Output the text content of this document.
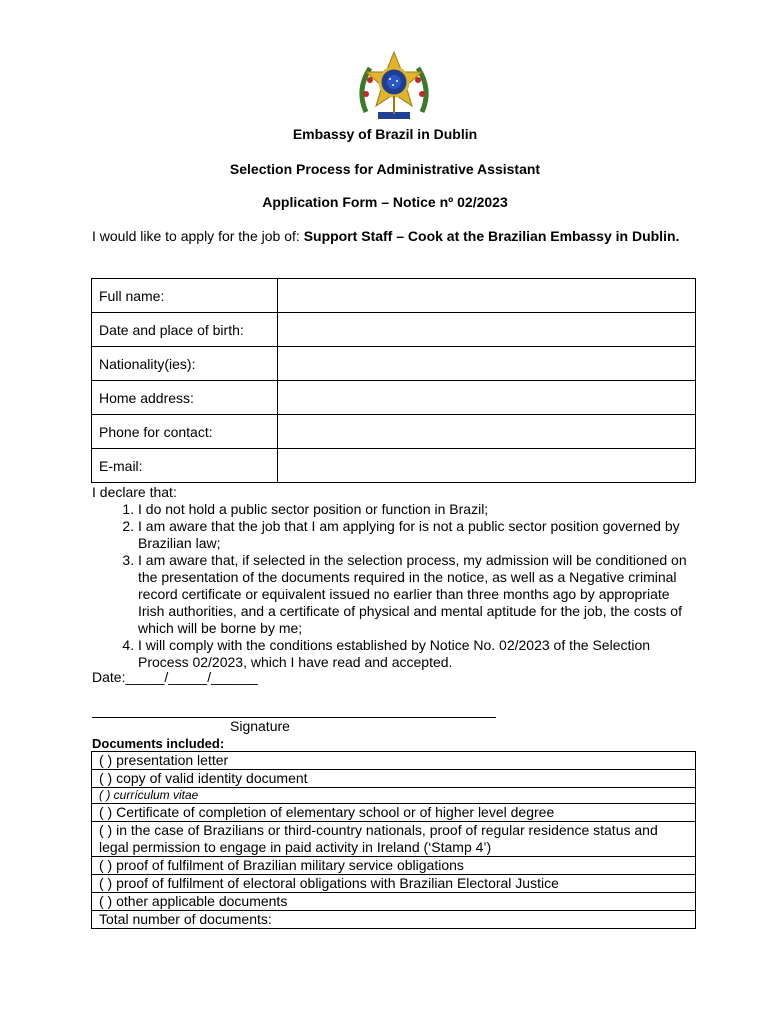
Embassy of Brazil in Dublin
Selection Process for Administrative Assistant
Application Form – Notice nº 02/2023
I would like to apply for the job of: Support Staff – Cook at the Brazilian Embassy in Dublin.
Full name:	
Date and place of birth:	
Nationality(ies):	
Home address:	
Phone for contact:	
E-mail:	
I declare that:
1. I do not hold a public sector position or function in Brazil;
2. I am aware that the job that I am applying for is not a public sector position governed by Brazilian law;
3. I am aware that, if selected in the selection process, my admission will be conditioned on the presentation of the documents required in the notice, as well as a Negative criminal record certificate or equivalent issued no earlier than three months ago by appropriate Irish authorities, and a certificate of physical and mental aptitude for the job, the costs of which will be borne by me;
4. I will comply with the conditions established by Notice No. 02/2023 of the Selection Process 02/2023, which I have read and accepted.
Date:_____/_____/______
Signature
Documents included:
( ) presentation letter
( ) copy of valid identity document
( ) currículum vitae
( ) Certificate of completion of elementary school or of higher level degree
( ) in the case of Brazilians or third-country nationals, proof of regular residence status and legal permission to engage in paid activity in Ireland (‘Stamp 4’)
( ) proof of fulfilment of Brazilian military service obligations
( ) proof of fulfilment of electoral obligations with Brazilian Electoral Justice
( ) other applicable documents
Total number of documents:
